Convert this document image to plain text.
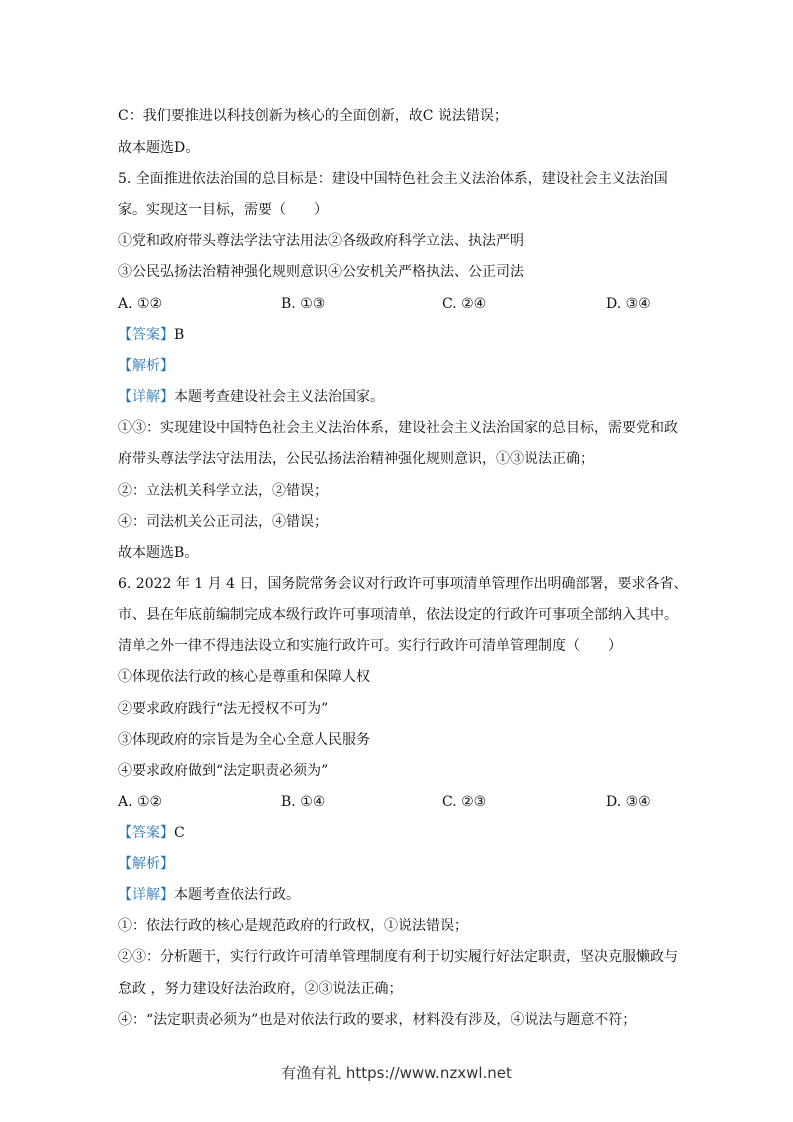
C：我们要推进以科技创新为核心的全面创新，故C 说法错误；
故本题选D。
5. 全面推进依法治国的总目标是：建设中国特色社会主义法治体系，建设社会主义法治国
家。实现这一目标，需要（　　）
①党和政府带头尊法学法守法用法②各级政府科学立法、执法严明
③公民弘扬法治精神强化规则意识④公安机关严格执法、公正司法
A. ①②	B. ①③	C. ②④	D. ③④
【答案】B
【解析】
【详解】本题考查建设社会主义法治国家。
①③：实现建设中国特色社会主义法治体系，建设社会主义法治国家的总目标，需要党和政
府带头尊法学法守法用法，公民弘扬法治精神强化规则意识，①③说法正确；
②：立法机关科学立法，②错误；
④：司法机关公正司法，④错误；
故本题选B。
6. 2022 年 1 月 4 日，国务院常务会议对行政许可事项清单管理作出明确部署，要求各省、
市、县在年底前编制完成本级行政许可事项清单，依法设定的行政许可事项全部纳入其中。
清单之外一律不得违法设立和实施行政许可。实行行政许可清单管理制度（　　）
①体现依法行政的核心是尊重和保障人权
②要求政府践行“法无授权不可为”
③体现政府的宗旨是为全心全意人民服务
④要求政府做到“法定职责必须为”
A. ①②	B. ①④	C. ②③	D. ③④
【答案】C
【解析】
【详解】本题考查依法行政。
①：依法行政的核心是规范政府的行政权，①说法错误；
②③：分析题干，实行行政许可清单管理制度有利于切实履行好法定职责，坚决克服懒政与
怠政 ，努力建设好法治政府，②③说法正确；
④：“法定职责必须为”也是对依法行政的要求，材料没有涉及，④说法与题意不符；
有渔有礼 https://www.nzxwl.net
